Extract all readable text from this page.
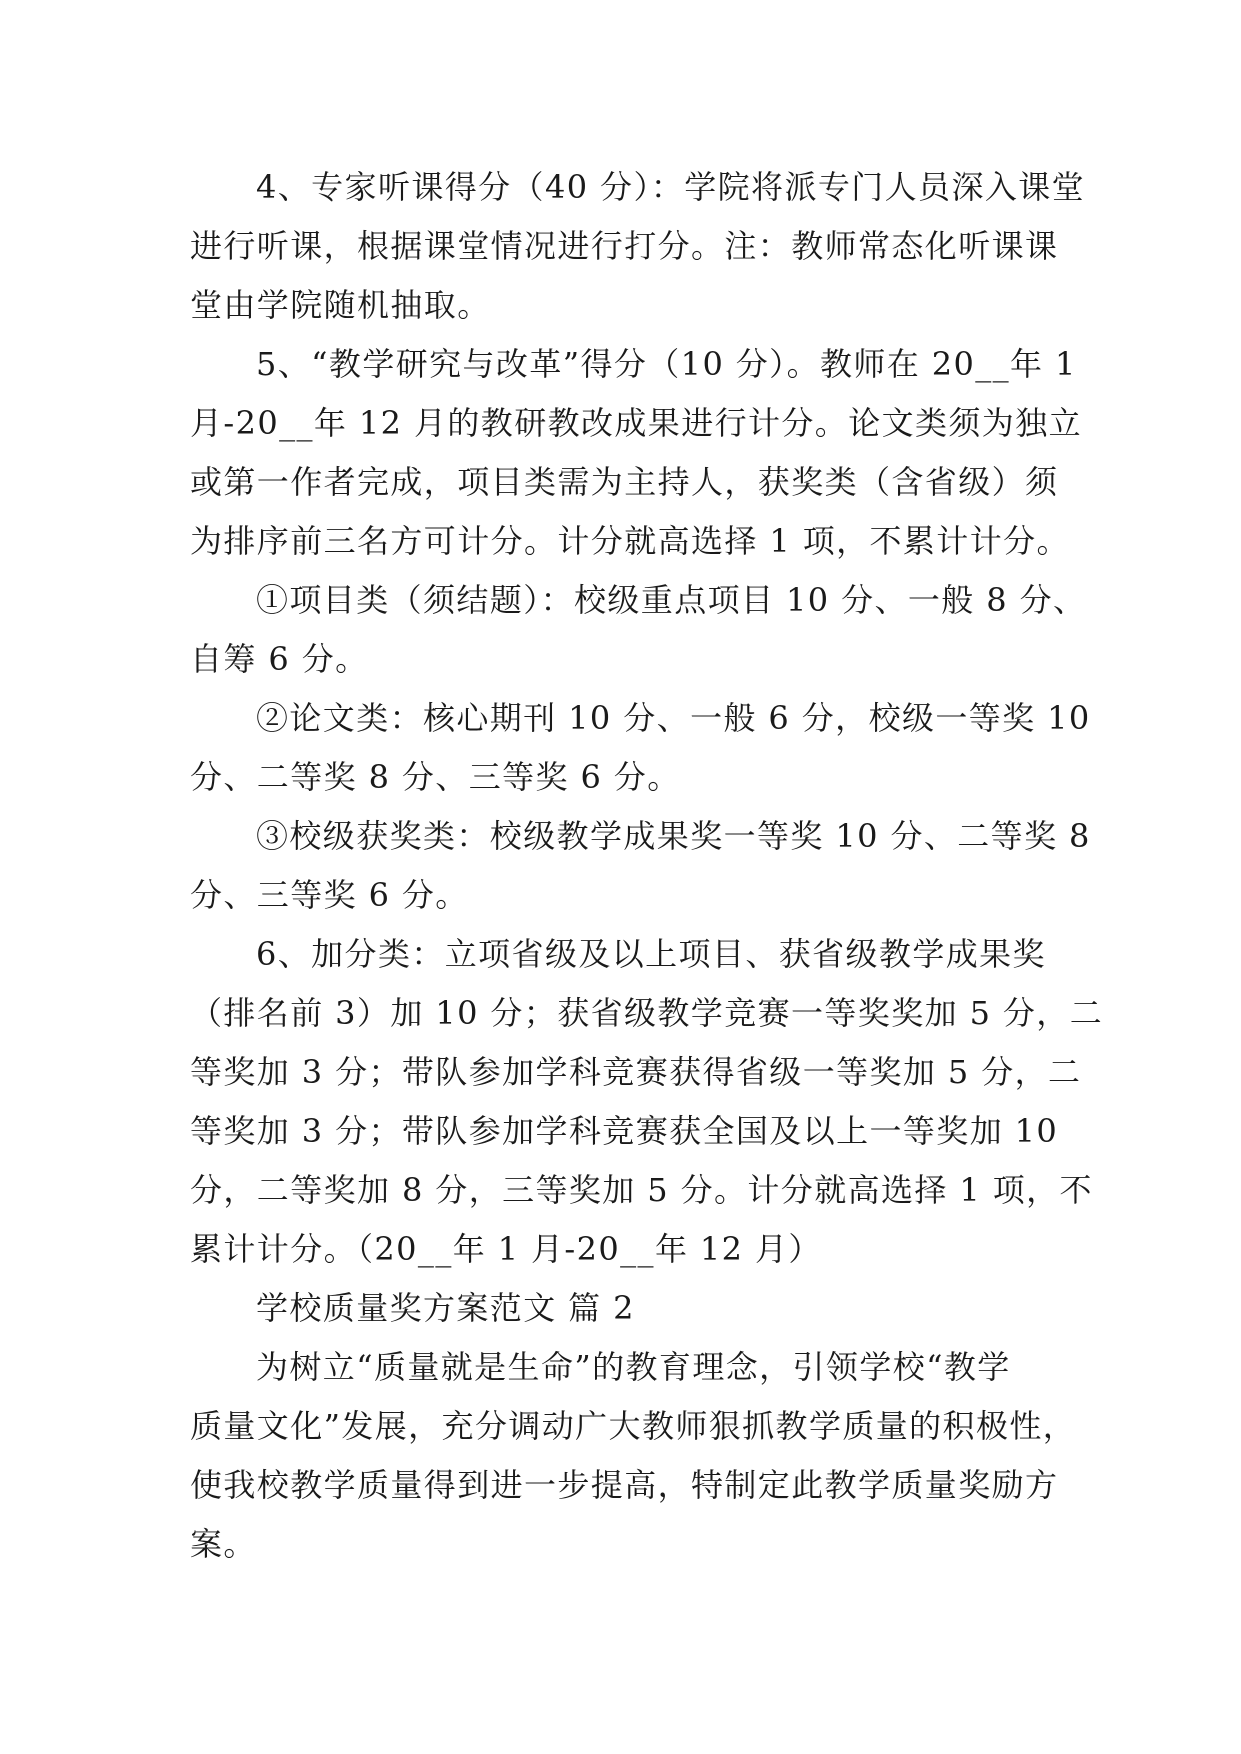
4、专家听课得分（40 分）：学院将派专门人员深入课堂
进行听课，根据课堂情况进行打分。注：教师常态化听课课
堂由学院随机抽取。
5、“教学研究与改革”得分（10 分）。教师在 20__年 1
月-20__年 12 月的教研教改成果进行计分。论文类须为独立
或第一作者完成，项目类需为主持人，获奖类（含省级）须
为排序前三名方可计分。计分就高选择 1 项，不累计计分。
①项目类（须结题）：校级重点项目 10 分、一般 8 分、
自筹 6 分。
②论文类：核心期刊 10 分、一般 6 分，校级一等奖 10
分、二等奖 8 分、三等奖 6 分。
③校级获奖类：校级教学成果奖一等奖 10 分、二等奖 8
分、三等奖 6 分。
6、加分类：立项省级及以上项目、获省级教学成果奖
（排名前 3）加 10 分；获省级教学竞赛一等奖奖加 5 分，二
等奖加 3 分；带队参加学科竞赛获得省级一等奖加 5 分，二
等奖加 3 分；带队参加学科竞赛获全国及以上一等奖加 10
分，二等奖加 8 分，三等奖加 5 分。计分就高选择 1 项，不
累计计分。（20__年 1 月-20__年 12 月）
学校质量奖方案范文 篇 2
为树立“质量就是生命”的教育理念，引领学校“教学
质量文化”发展，充分调动广大教师狠抓教学质量的积极性，
使我校教学质量得到进一步提高，特制定此教学质量奖励方
案。
